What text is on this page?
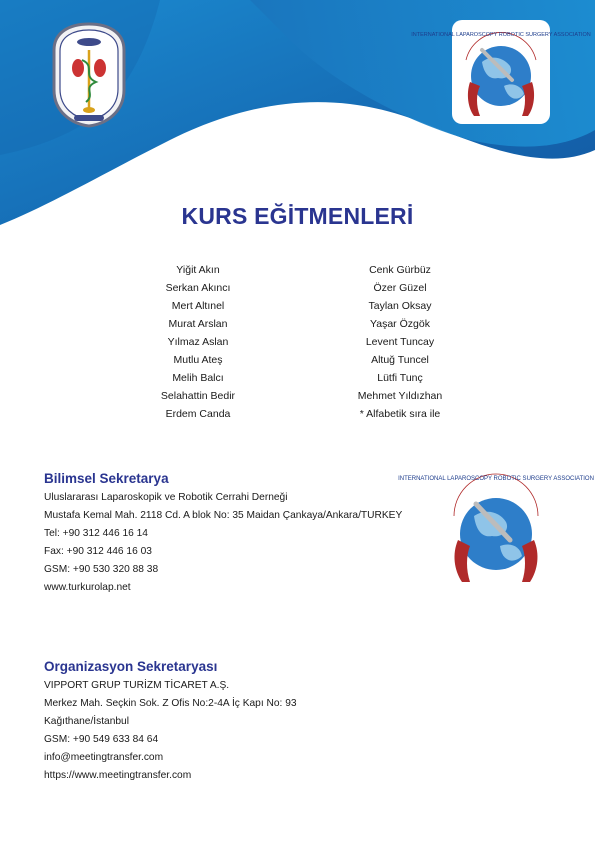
INTERNATIONAL LAPAROSCOPY ROBOTIC SURGERY ASSOCIATION
KURS EĞİTMENLERİ
Yiğit Akın
Serkan Akıncı
Mert Altınel
Murat Arslan
Yılmaz Aslan
Mutlu Ateş
Melih Balcı
Selahattin Bedir
Erdem Canda
Cenk Gürbüz
Özer Güzel
Taylan Oksay
Yaşar Özgök
Levent Tuncay
Altuğ Tuncel
Lütfi Tunç
Mehmet Yıldızhan
* Alfabetik sıra ile
Bilimsel Sekretarya
Uluslararası Laparoskopik ve Robotik Cerrahi Derneği
Mustafa Kemal Mah. 2118 Cd. A blok No: 35 Maidan Çankaya/Ankara/TURKEY
Tel: +90 312 446 16 14
Fax: +90 312 446 16 03
GSM: +90 530 320 88 38
www.turkurolap.net
INTERNATIONAL LAPAROSCOPY ROBOTIC SURGERY ASSOCIATION
Organizasyon Sekretaryası
VIPPORT GRUP TURİZM TİCARET A.Ş.
Merkez Mah. Seçkin Sok. Z Ofis No:2-4A İç Kapı No: 93
Kağıthane/İstanbul
GSM: +90 549 633 84 64
info@meetingtransfer.com
https://www.meetingtransfer.com
